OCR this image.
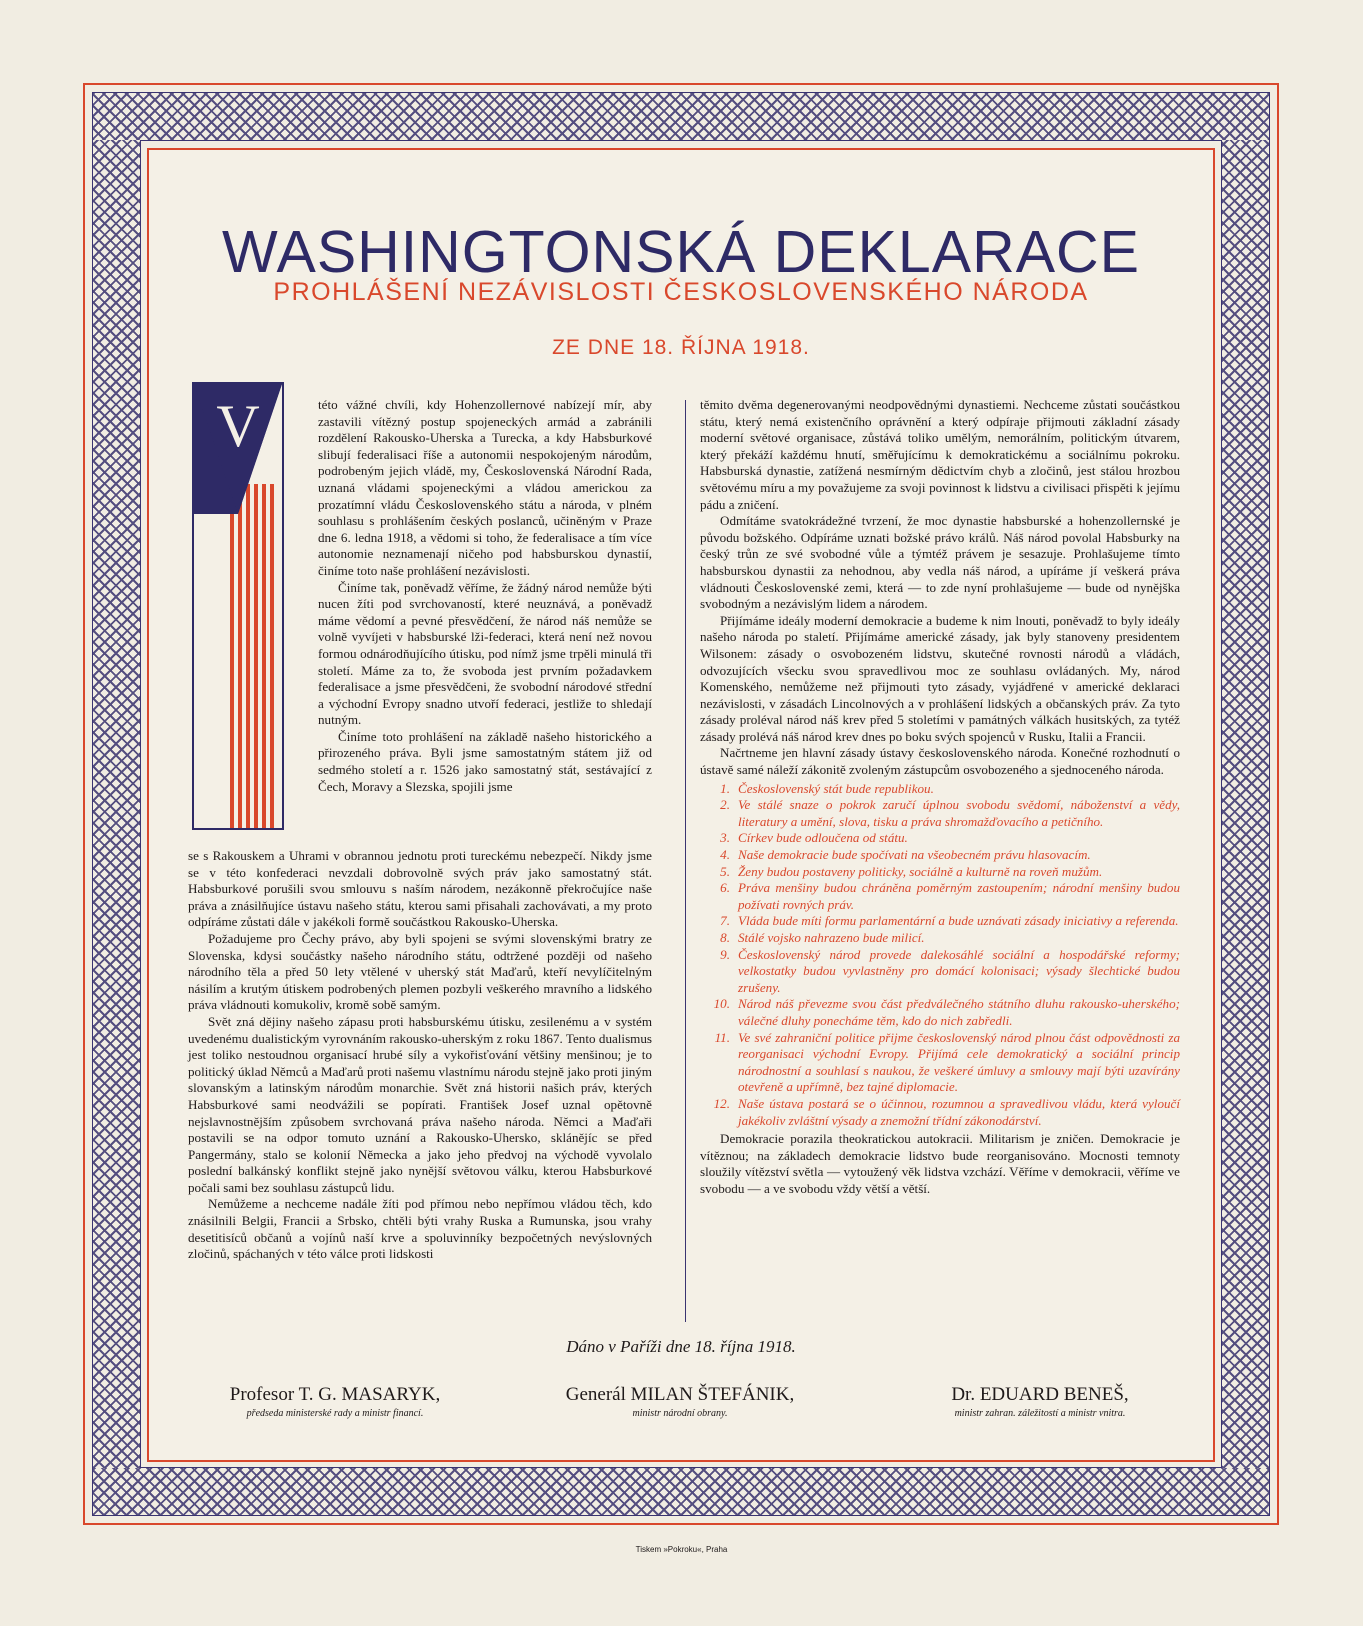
WASHINGTONSKÁ DEKLARACE
PROHLÁŠENÍ NEZÁVISLOSTI ČESKOSLOVENSKÉHO NÁRODA
ZE DNE 18. ŘÍJNA 1918.
V	této vážné chvíli, kdy Hohenzollernové nabízejí mír, aby zastavili vítězný postup spojeneckých armád a zabránili rozdělení Rakousko-Uherska a Turecka, a kdy Habsburkové slibují federalisaci říše a autonomii nespokojeným národům, podrobeným jejich vládě, my, Československá Národní Rada, uznaná vládami spojeneckými a vládou americkou za prozatímní vládu Československého státu a národa, v plném souhlasu s prohlášením českých poslanců, učiněným v Praze dne 6. ledna 1918, a vědomi si toho, že federalisace a tím více autonomie neznamenají ničeho pod habsburskou dynastií, činíme toto naše prohlášení nezávislosti.

Činíme tak, poněvadž věříme, že žádný národ nemůže býti nucen žíti pod svrchovaností, které neuznává, a poněvadž máme vědomí a pevné přesvědčení, že národ náš nemůže se volně vyvíjeti v habsburské lži-federaci, která není než novou formou odnárodňujícího útisku, pod nímž jsme trpěli minulá tři století. Máme za to, že svoboda jest prvním požadavkem federalisace a jsme přesvědčeni, že svobodní národové střední a východní Evropy snadno utvoří federaci, jestliže to shledají nutným.

Činíme toto prohlášení na základě našeho historického a přirozeného práva. Byli jsme samostatným státem již od sedmého století a r. 1526 jako samostatný stát, sestávající z Čech, Moravy a Slezska, spojili jsme

se s Rakouskem a Uhrami v obrannou jednotu proti tureckému nebezpečí. Nikdy jsme se v této konfederaci nevzdali dobrovolně svých práv jako samostatný stát. Habsburkové porušili svou smlouvu s naším národem, nezákonně překročujíce naše práva a znásilňujíce ústavu našeho státu, kterou sami přisahali zachovávati, a my proto odpíráme zůstati dále v jakékoli formě součástkou Rakousko-Uherska.

Požadujeme pro Čechy právo, aby byli spojeni se svými slovenskými bratry ze Slovenska, kdysi součástky našeho národního státu, odtržené později od našeho národního těla a před 50 lety vtělené v uherský stát Maďarů, kteří nevylíčitelným násilím a krutým útiskem podrobených plemen pozbyli veškerého mravního a lidského práva vládnouti komukoliv, kromě sobě samým.

Svět zná dějiny našeho zápasu proti habsburskému útisku, zesilenému a v systém uvedenému dualistickým vyrovnáním rakousko-uherským z roku 1867. Tento dualismus jest toliko nestoudnou organisací hrubé síly a vykořisťování většiny menšinou; je to politický úklad Němců a Maďarů proti našemu vlastnímu národu stejně jako proti jiným slovanským a latinským národům monarchie. Svět zná historii našich práv, kterých Habsburkové sami neodvážili se popírati. František Josef uznal opětovně nejslavnostnějším způsobem svrchovaná práva našeho národa. Němci a Maďaři postavili se na odpor tomuto uznání a Rakousko-Uhersko, sklánějíc se před Pangermány, stalo se kolonií Německa a jako jeho předvoj na východě vyvolalo poslední balkánský konflikt stejně jako nynější světovou válku, kterou Habsburkové počali sami bez souhlasu zástupců lidu.

Nemůžeme a nechceme nadále žíti pod přímou nebo nepřímou vládou těch, kdo znásilnili Belgii, Francii a Srbsko, chtěli býti vrahy Ruska a Rumunska, jsou vrahy desetitisíců občanů a vojínů naší krve a spoluvinníky bezpočetných nevýslovných zločinů, spáchaných v této válce proti lidskosti

těmito dvěma degenerovanými neodpovědnými dynastiemi. Nechceme zůstati součástkou státu, který nemá existenčního oprávnění a který odpíraje přijmouti základní zásady moderní světové organisace, zůstává toliko umělým, nemorálním, politickým útvarem, který překáží každému hnutí, směřujícímu k demokratickému a sociálnímu pokroku. Habsburská dynastie, zatížená nesmírným dědictvím chyb a zločinů, jest stálou hrozbou světovému míru a my považujeme za svoji povinnost k lidstvu a civilisaci přispěti k jejímu pádu a zničení.

Odmítáme svatokrádežné tvrzení, že moc dynastie habsburské a hohenzollernské je původu božského. Odpíráme uznati božské právo králů. Náš národ povolal Habsburky na český trůn ze své svobodné vůle a týmtéž právem je sesazuje. Prohlašujeme tímto habsburskou dynastii za nehodnou, aby vedla náš národ, a upíráme jí veškerá práva vládnouti Československé zemi, která — to zde nyní prohlašujeme — bude od nynějška svobodným a nezávislým lidem a národem.

Přijímáme ideály moderní demokracie a budeme k nim lnouti, poněvadž to byly ideály našeho národa po staletí. Přijímáme americké zásady, jak byly stanoveny presidentem Wilsonem: zásady o osvobozeném lidstvu, skutečné rovnosti národů a vládách, odvozujících všecku svou spravedlivou moc ze souhlasu ovládaných. My, národ Komenského, nemůžeme než přijmouti tyto zásady, vyjádřené v americké deklaraci nezávislosti, v zásadách Lincolnových a v prohlášení lidských a občanských práv. Za tyto zásady proléval národ náš krev před 5 stoletími v památných válkách husitských, za tytéž zásady prolévá náš národ krev dnes po boku svých spojenců v Rusku, Italii a Francii.

Načrtneme jen hlavní zásady ústavy československého národa. Konečné rozhodnutí o ústavě samé náleží zákonitě zvoleným zástupcům osvobozeného a sjednoceného národa.

1. Československý stát bude republikou.
2. Ve stálé snaze o pokrok zaručí úplnou svobodu svědomí, náboženství a vědy, literatury a umění, slova, tisku a práva shromažďovacího a petičního.
3. Církev bude odloučena od státu.
4. Naše demokracie bude spočívati na všeobecném právu hlasovacím.
5. Ženy budou postaveny politicky, sociálně a kulturně na roveň mužům.
6. Práva menšiny budou chráněna poměrným zastoupením; národní menšiny budou požívati rovných práv.
7. Vláda bude míti formu parlamentární a bude uznávati zásady iniciativy a referenda.
8. Stálé vojsko nahrazeno bude milicí.
9. Československý národ provede dalekosáhlé sociální a hospodářské reformy; velkostatky budou vyvlastněny pro domácí kolonisaci; výsady šlechtické budou zrušeny.
10. Národ náš převezme svou část předválečného státního dluhu rakousko-uherského; válečné dluhy ponecháme těm, kdo do nich zabředli.
11. Ve své zahraniční politice přijme československý národ plnou část odpovědnosti za reorganisaci východní Evropy. Přijímá cele demokratický a sociální princip národnostní a souhlasí s naukou, že veškeré úmluvy a smlouvy mají býti uzavírány otevřeně a upřímně, bez tajné diplomacie.
12. Naše ústava postará se o účinnou, rozumnou a spravedlivou vládu, která vyloučí jakékoliv zvláštní výsady a znemožní třídní zákonodárství.

Demokracie porazila theokratickou autokracii. Militarism je zničen. Demokracie je vítěznou; na základech demokracie lidstvo bude reorganisováno. Mocnosti temnoty sloužily vítězství světla — vytoužený věk lidstva vzchází. Věříme v demokracii, věříme ve svobodu — a ve svobodu vždy větší a větší.

Dáno v Paříži dne 18. října 1918.
Profesor T. G. MASARYK,
předseda ministerské rady a ministr financí.
Generál MILAN ŠTEFÁNIK,
ministr národní obrany.
Dr. EDUARD BENEŠ,
ministr zahran. záležitostí a ministr vnitra.
Tiskem »Pokroku«, Praha
